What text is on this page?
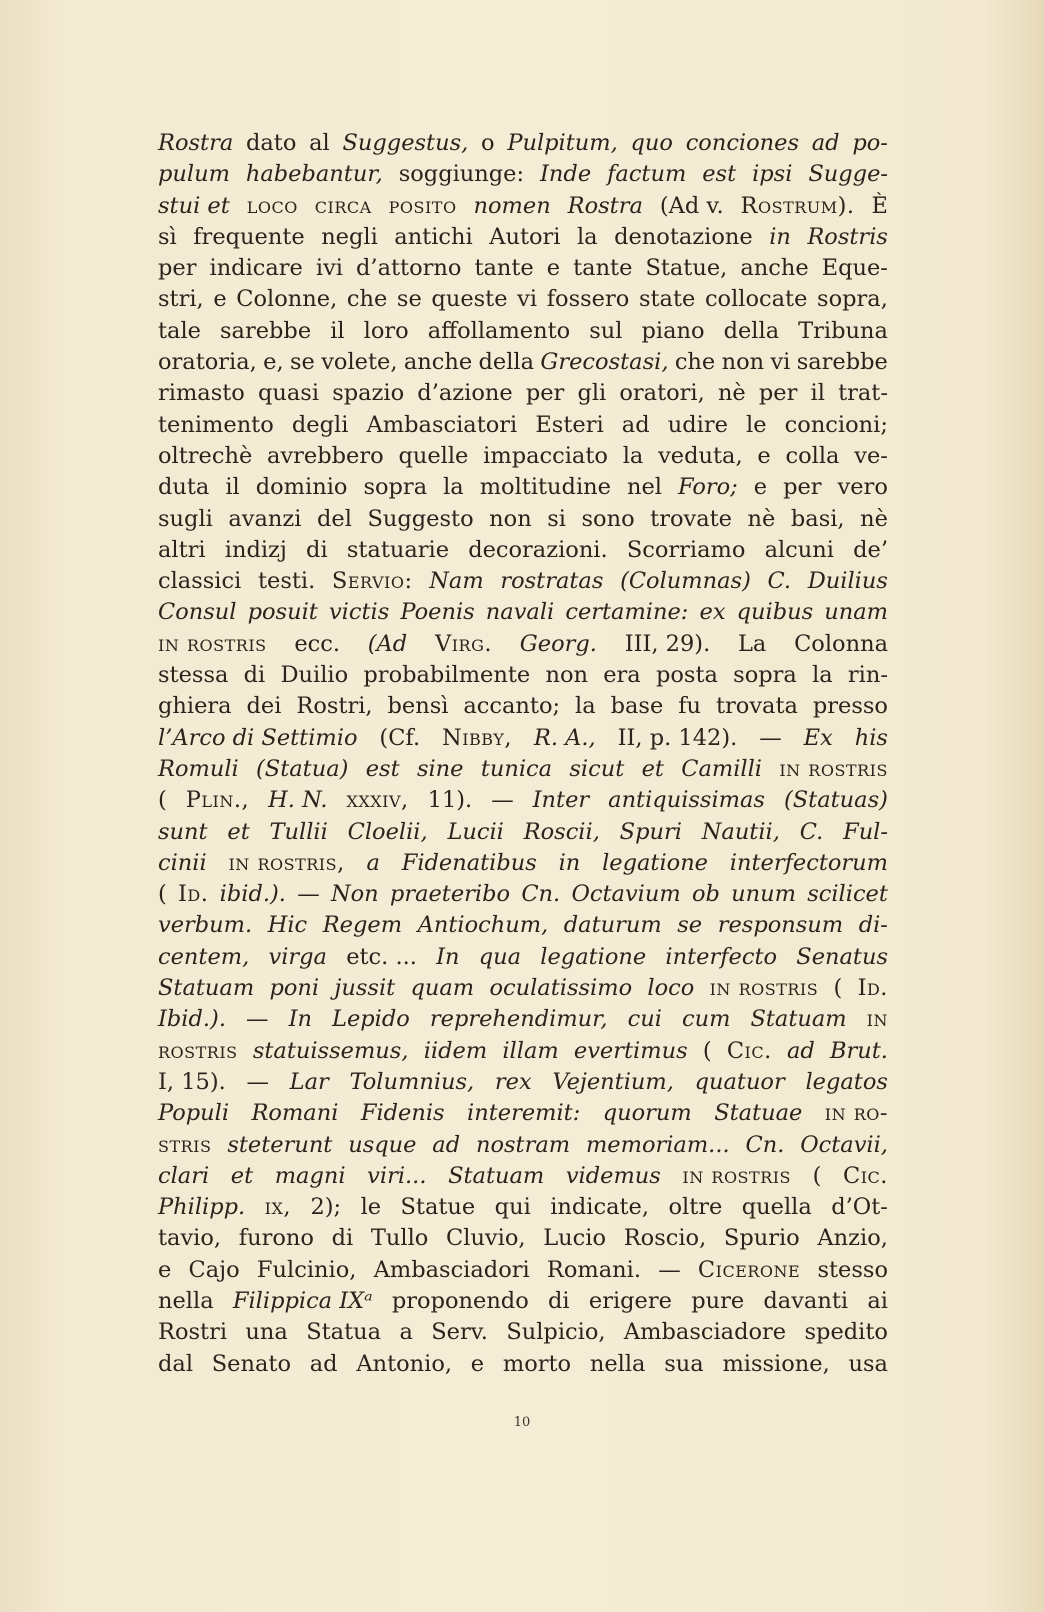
Rostra dato al Suggestus, o Pulpitum, quo conciones ad po-
pulum habebantur, soggiunge: Inde factum est ipsi Sugge-
stui et loco circa posito nomen Rostra (Ad v. Rostrum). È
sì frequente negli antichi Autori la denotazione in Rostris
per indicare ivi d’attorno tante e tante Statue, anche Eque-
stri, e Colonne, che se queste vi fossero state collocate sopra,
tale sarebbe il loro affollamento sul piano della Tribuna
oratoria, e, se volete, anche della Grecostasi, che non vi sarebbe
rimasto quasi spazio d’azione per gli oratori, nè per il trat-
tenimento degli Ambasciatori Esteri ad udire le concioni;
oltrechè avrebbero quelle impacciato la veduta, e colla ve-
duta il dominio sopra la moltitudine nel Foro; e per vero
sugli avanzi del Suggesto non si sono trovate nè basi, nè
altri indizj di statuarie decorazioni. Scorriamo alcuni de’
classici testi. Servio: Nam rostratas (Columnas) C. Duilius
Consul posuit victis Poenis navali certamine: ex quibus unam
in rostris ecc. (Ad Virg. Georg. III, 29). La Colonna
stessa di Duilio probabilmente non era posta sopra la rin-
ghiera dei Rostri, bensì accanto; la base fu trovata presso
l’Arco di Settimio (Cf. Nibby, R. A., II, p. 142). — Ex his
Romuli (Statua) est sine tunica sicut et Camilli in rostris
( Plin., H. N. xxxiv, 11). — Inter antiquissimas (Statuas)
sunt et Tullii Cloelii, Lucii Roscii, Spuri Nautii, C. Ful-
cinii in rostris, a Fidenatibus in legatione interfectorum
( Id. ibid.). — Non praeteribo Cn. Octavium ob unum scilicet
verbum. Hic Regem Antiochum, daturum se responsum di-
centem, virga etc. ... In qua legatione interfecto Senatus
Statuam poni jussit quam oculatissimo loco in rostris ( Id.
Ibid.). — In Lepido reprehendimur, cui cum Statuam in
rostris statuissemus, iidem illam evertimus ( Cic. ad Brut.
I, 15). — Lar Tolumnius, rex Vejentium, quatuor legatos
Populi Romani Fidenis interemit: quorum Statuae in ro-
stris steterunt usque ad nostram memoriam... Cn. Octavii,
clari et magni viri... Statuam videmus in rostris ( Cic.
Philipp. ix, 2); le Statue qui indicate, oltre quella d’Ot-
tavio, furono di Tullo Cluvio, Lucio Roscio, Spurio Anzio,
e Cajo Fulcinio, Ambasciadori Romani. — Cicerone stesso
nella Filippica IXᵃ proponendo di erigere pure davanti ai
Rostri una Statua a Serv. Sulpicio, Ambasciadore spedito
dal Senato ad Antonio, e morto nella sua missione, usa
10
